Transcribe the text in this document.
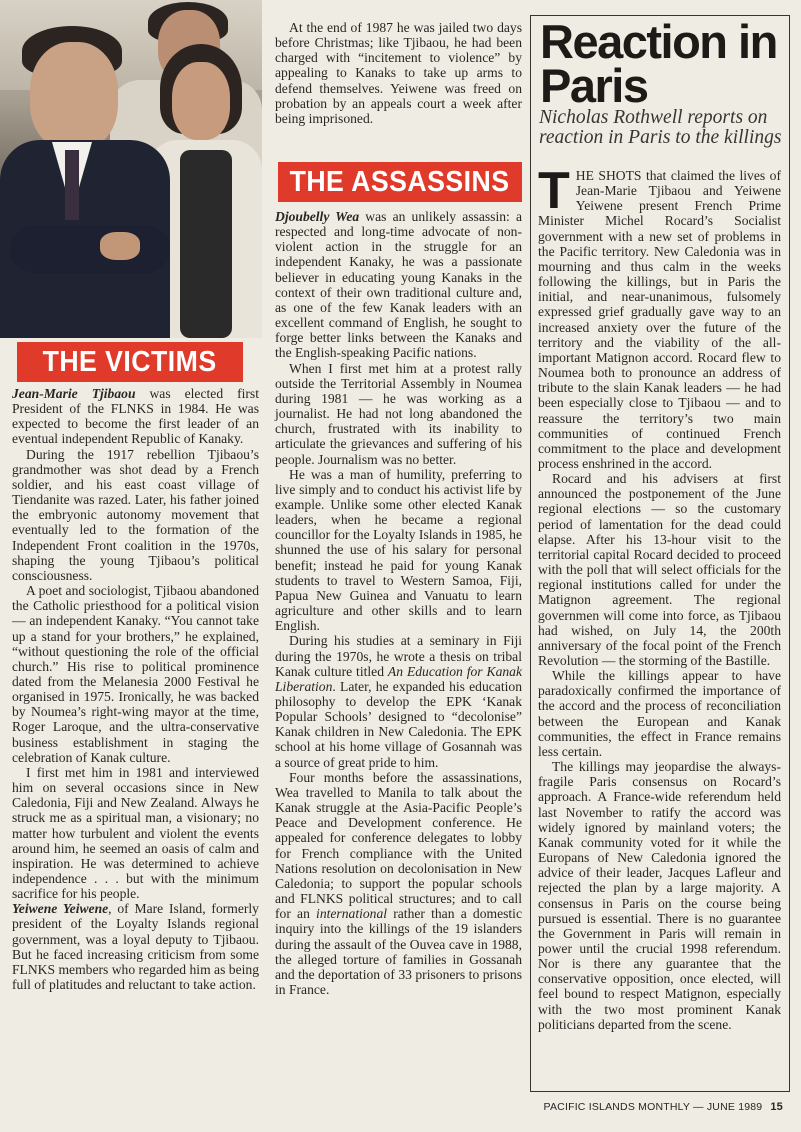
THE VICTIMS
THE ASSASSINS

Jean-Marie Tjibaou was elected first President of the FLNKS in 1984. He was expected to become the first leader of an eventual independent Republic of Kanaky.

During the 1917 rebellion Tjibaou’s grandmother was shot dead by a French soldier, and his east coast village of Tiendanite was razed. Later, his father joined the embryonic autonomy movement that eventually led to the formation of the Independent Front coalition in the 1970s, shaping the young Tjibaou’s political consciousness.

A poet and sociologist, Tjibaou abandoned the Catholic priesthood for a political vision — an independent Kanaky. “You cannot take up a stand for your brothers,” he explained, “without questioning the role of the official church.” His rise to political prominence dated from the Melanesia 2000 Festival he organised in 1975. Ironically, he was backed by Noumea’s right-wing mayor at the time, Roger Laroque, and the ultra-conservative business establishment in staging the celebration of Kanak culture.

I first met him in 1981 and interviewed him on several occasions since in New Caledonia, Fiji and New Zealand. Always he struck me as a spiritual man, a visionary; no matter how turbulent and violent the events around him, he seemed an oasis of calm and inspiration. He was determined to achieve independence . . . but with the minimum sacrifice for his people.

Yeiwene Yeiwene, of Mare Island, formerly president of the Loyalty Islands regional government, was a loyal deputy to Tjibaou. But he faced increasing criticism from some FLNKS members who regarded him as being full of platitudes and reluctant to take action.

At the end of 1987 he was jailed two days before Christmas; like Tjibaou, he had been charged with “incitement to violence” by appealing to Kanaks to take up arms to defend themselves. Yeiwene was freed on probation by an appeals court a week after being imprisoned.

Djoubelly Wea was an unlikely assassin: a respected and long-time advocate of non-violent action in the struggle for an independent Kanaky, he was a passionate believer in educating young Kanaks in the context of their own traditional culture and, as one of the few Kanak leaders with an excellent command of English, he sought to forge better links between the Kanaks and the English-speaking Pacific nations.

When I first met him at a protest rally outside the Territorial Assembly in Noumea during 1981 — he was working as a journalist. He had not long abandoned the church, frustrated with its inability to articulate the grievances and suffering of his people. Journalism was no better.

He was a man of humility, preferring to live simply and to conduct his activist life by example. Unlike some other elected Kanak leaders, when he became a regional councillor for the Loyalty Islands in 1985, he shunned the use of his salary for personal benefit; instead he paid for young Kanak students to travel to Western Samoa, Fiji, Papua New Guinea and Vanuatu to learn agriculture and other skills and to learn English.

During his studies at a seminary in Fiji during the 1970s, he wrote a thesis on tribal Kanak culture titled An Education for Kanak Liberation. Later, he expanded his education philosophy to develop the EPK ‘Kanak Popular Schools’ designed to “decolonise” Kanak children in New Caledonia. The EPK school at his home village of Gosannah was a source of great pride to him.

Four months before the assassinations, Wea travelled to Manila to talk about the Kanak struggle at the Asia-Pacific People’s Peace and Development conference. He appealed for conference delegates to lobby for French compliance with the United Nations resolution on decolonisation in New Caledonia; to support the popular schools and FLNKS political structures; and to call for an international rather than a domestic inquiry into the killings of the 19 islanders during the assault of the Ouvea cave in 1988, the alleged torture of families in Gossanah and the deportation of 33 prisoners to prisons in France.

Reaction in Paris
Nicholas Rothwell reports on reaction in Paris to the killings

THE SHOTS that claimed the lives of Jean-Marie Tjibaou and Yeiwene Yeiwene present French Prime Minister Michel Rocard’s Socialist government with a new set of problems in the Pacific territory. New Caledonia was in mourning and thus calm in the weeks following the killings, but in Paris the initial, and near-unanimous, fulsomely expressed grief gradually gave way to an increased anxiety over the future of the territory and the viability of the all-important Matignon accord. Rocard flew to Noumea both to pronounce an address of tribute to the slain Kanak leaders — he had been especially close to Tjibaou — and to reassure the territory’s two main communities of continued French commitment to the place and development process enshrined in the accord.

Rocard and his advisers at first announced the postponement of the June regional elections — so the customary period of lamentation for the dead could elapse. After his 13-hour visit to the territorial capital Rocard decided to proceed with the poll that will select officials for the regional institutions called for under the Matignon agreement. The regional governmen will come into force, as Tjibaou had wished, on July 14, the 200th anniversary of the focal point of the French Revolution — the storming of the Bastille.

While the killings appear to have paradoxically confirmed the importance of the accord and the process of reconciliation between the European and Kanak communities, the effect in France remains less certain.

The killings may jeopardise the always-fragile Paris consensus on Rocard’s approach. A France-wide referendum held last November to ratify the accord was widely ignored by mainland voters; the Kanak community voted for it while the Europans of New Caledonia ignored the advice of their leader, Jacques Lafleur and rejected the plan by a large majority. A consensus in Paris on the course being pursued is essential. There is no guarantee the Government in Paris will remain in power until the crucial 1998 referendum. Nor is there any guarantee that the conservative opposition, once elected, will feel bound to respect Matignon, especially with the two most prominent Kanak politicians departed from the scene.

PACIFIC ISLANDS MONTHLY — JUNE 1989 15
